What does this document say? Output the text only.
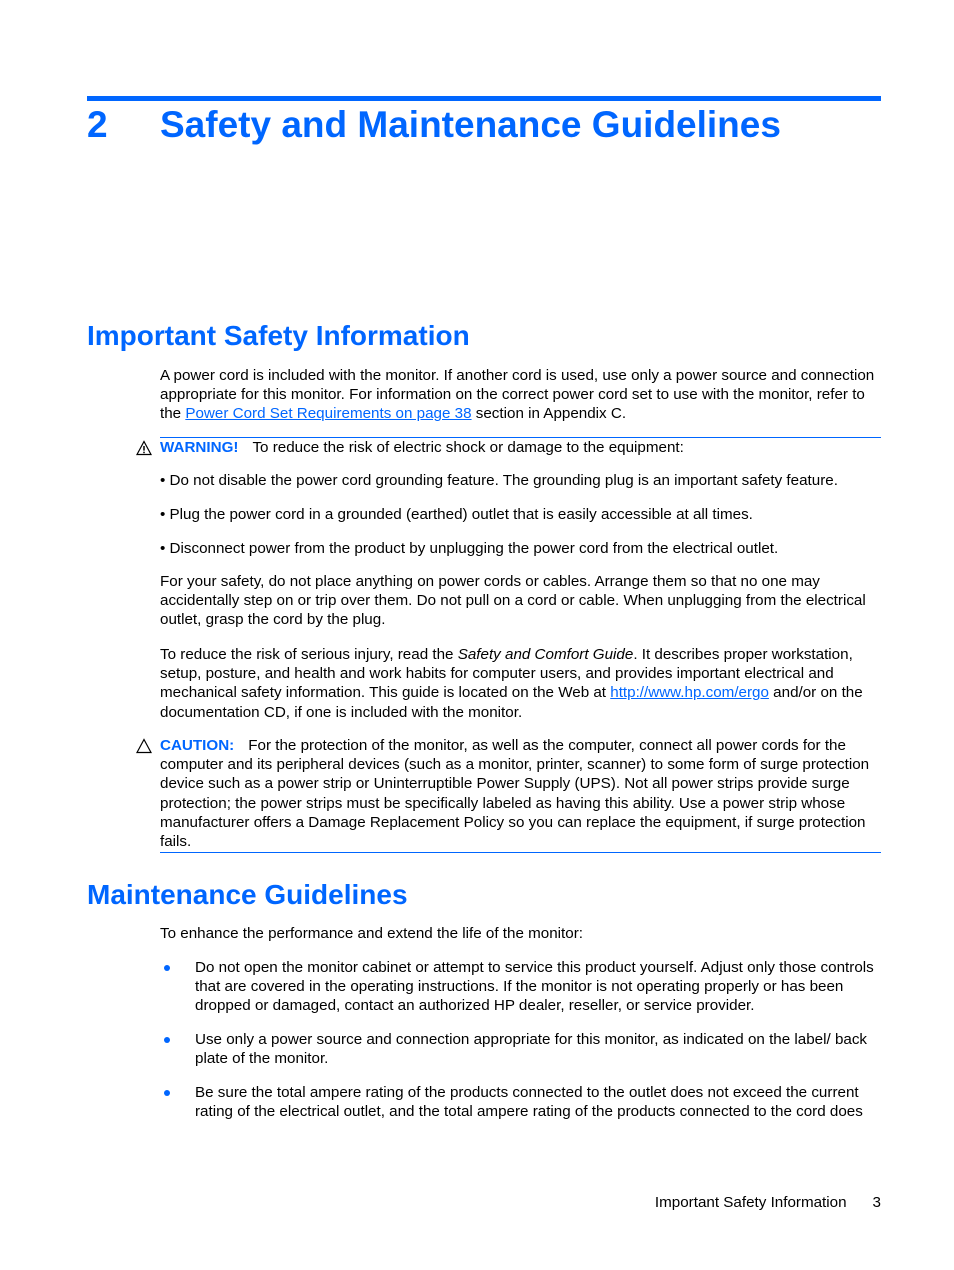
2 Safety and Maintenance Guidelines
Important Safety Information

A power cord is included with the monitor. If another cord is used, use only a power source and connection appropriate for this monitor. For information on the correct power cord set to use with the monitor, refer to the Power Cord Set Requirements on page 38 section in Appendix C.

WARNING! To reduce the risk of electric shock or damage to the equipment:

• Do not disable the power cord grounding feature. The grounding plug is an important safety feature.

• Plug the power cord in a grounded (earthed) outlet that is easily accessible at all times.

• Disconnect power from the product by unplugging the power cord from the electrical outlet.

For your safety, do not place anything on power cords or cables. Arrange them so that no one may accidentally step on or trip over them. Do not pull on a cord or cable. When unplugging from the electrical outlet, grasp the cord by the plug.

To reduce the risk of serious injury, read the Safety and Comfort Guide. It describes proper workstation, setup, posture, and health and work habits for computer users, and provides important electrical and mechanical safety information. This guide is located on the Web at http://www.hp.com/ergo and/or on the documentation CD, if one is included with the monitor.

CAUTION: For the protection of the monitor, as well as the computer, connect all power cords for the computer and its peripheral devices (such as a monitor, printer, scanner) to some form of surge protection device such as a power strip or Uninterruptible Power Supply (UPS). Not all power strips provide surge protection; the power strips must be specifically labeled as having this ability. Use a power strip whose manufacturer offers a Damage Replacement Policy so you can replace the equipment, if surge protection fails.

Maintenance Guidelines

To enhance the performance and extend the life of the monitor:

Do not open the monitor cabinet or attempt to service this product yourself. Adjust only those controls that are covered in the operating instructions. If the monitor is not operating properly or has been dropped or damaged, contact an authorized HP dealer, reseller, or service provider.

Use only a power source and connection appropriate for this monitor, as indicated on the label/ back plate of the monitor.

Be sure the total ampere rating of the products connected to the outlet does not exceed the current rating of the electrical outlet, and the total ampere rating of the products connected to the cord does

Important Safety Information 3
